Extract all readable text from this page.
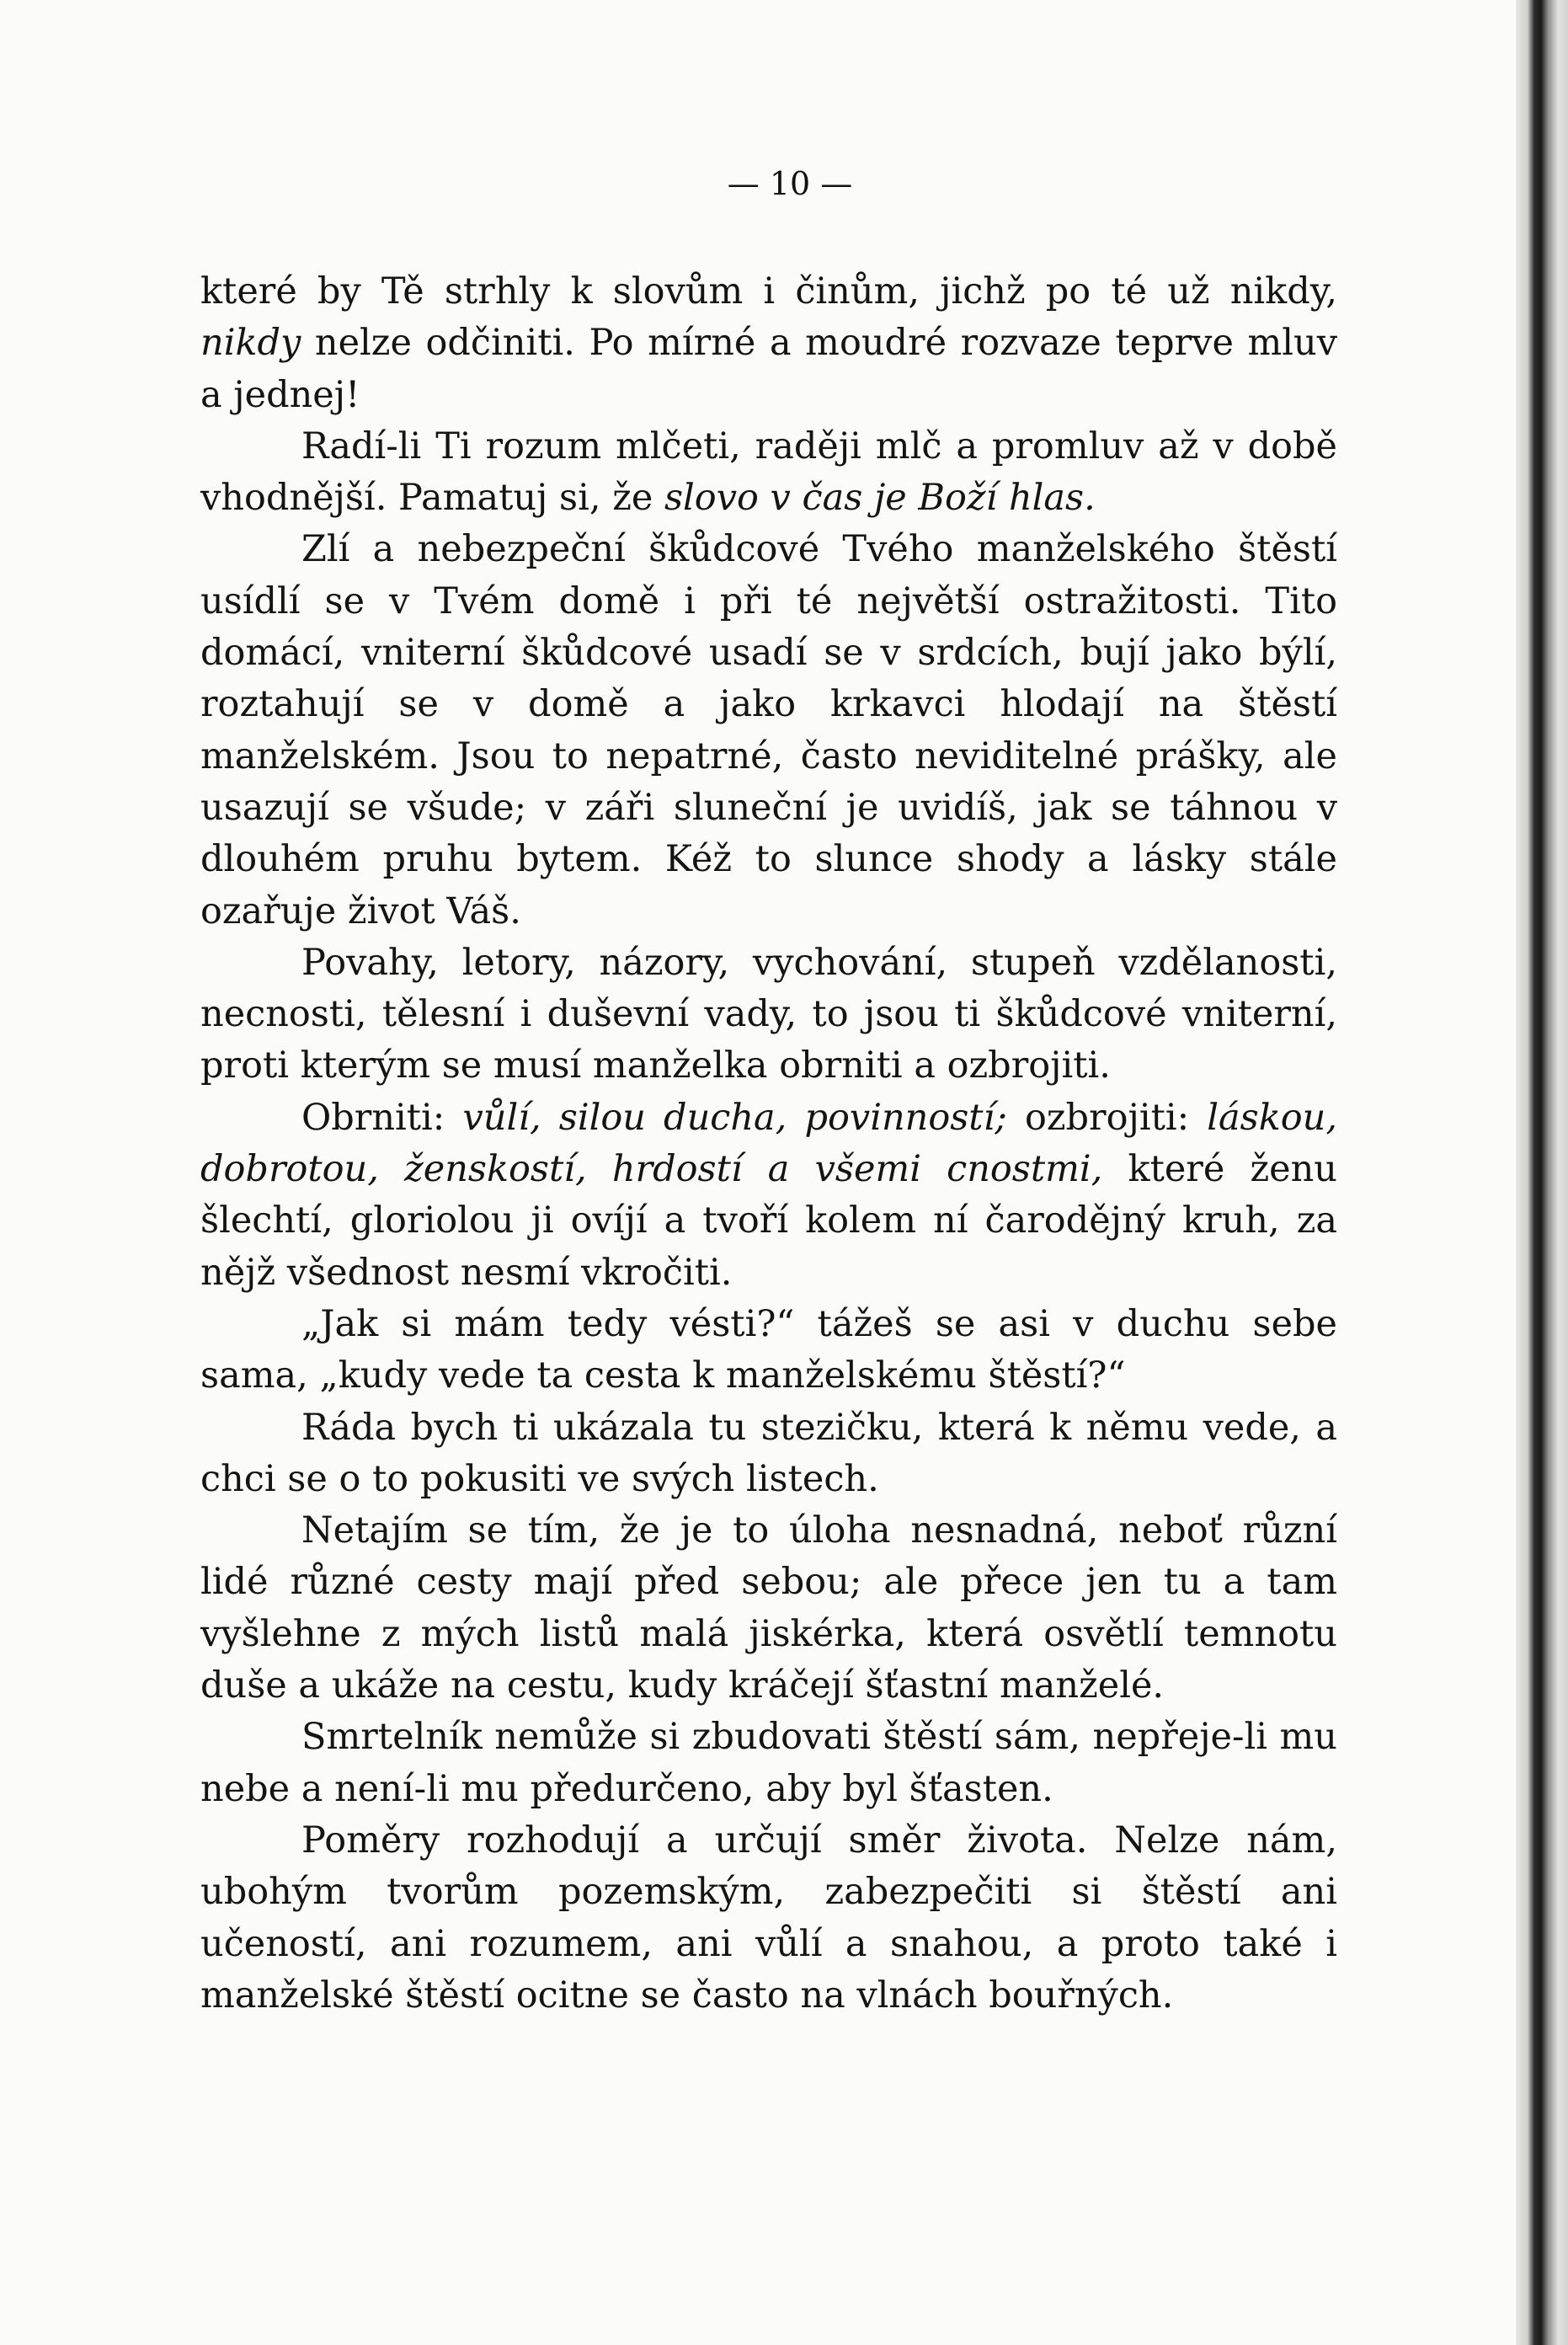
— 10 —

které by Tě strhly k slovům i činům, jichž po té už nikdy, nikdy nelze odčiniti. Po mírné a moudré rozvaze teprve mluv a jednej!

Radí-li Ti rozum mlčeti, raději mlč a promluv až v době vhodnější. Pamatuj si, že slovo v čas je Boží hlas.

Zlí a nebezpeční škůdcové Tvého manželského štěstí usídlí se v Tvém domě i při té největší ostražitosti. Tito domácí, vniterní škůdcové usadí se v srdcích, bují jako býlí, roztahují se v domě a jako krkavci hlodají na štěstí manželském. Jsou to nepatrné, často neviditelné prášky, ale usazují se všude; v záři sluneční je uvidíš, jak se táhnou v dlouhém pruhu bytem. Kéž to slunce shody a lásky stále ozařuje život Váš.

Povahy, letory, názory, vychování, stupeň vzdělanosti, necnosti, tělesní i duševní vady, to jsou ti škůdcové vniterní, proti kterým se musí manželka obrniti a ozbrojiti.

Obrniti: vůlí, silou ducha, povinností; ozbrojiti: láskou, dobrotou, ženskostí, hrdostí a všemi cnostmi, které ženu šlechtí, gloriolou ji ovíjí a tvoří kolem ní čarodějný kruh, za nějž všednost nesmí vkročiti.

„Jak si mám tedy vésti?“ tážeš se asi v duchu sebe sama, „kudy vede ta cesta k manželskému štěstí?“

Ráda bych ti ukázala tu stezičku, která k němu vede, a chci se o to pokusiti ve svých listech.

Netajím se tím, že je to úloha nesnadná, neboť různí lidé různé cesty mají před sebou; ale přece jen tu a tam vyšlehne z mých listů malá jiskérka, která osvětlí temnotu duše a ukáže na cestu, kudy kráčejí šťastní manželé.

Smrtelník nemůže si zbudovati štěstí sám, nepřeje-li mu nebe a není-li mu předurčeno, aby byl šťasten.

Poměry rozhodují a určují směr života. Nelze nám, ubohým tvorům pozemským, zabezpečiti si štěstí ani učeností, ani rozumem, ani vůlí a snahou, a proto také i manželské štěstí ocitne se často na vlnách bouřných.
